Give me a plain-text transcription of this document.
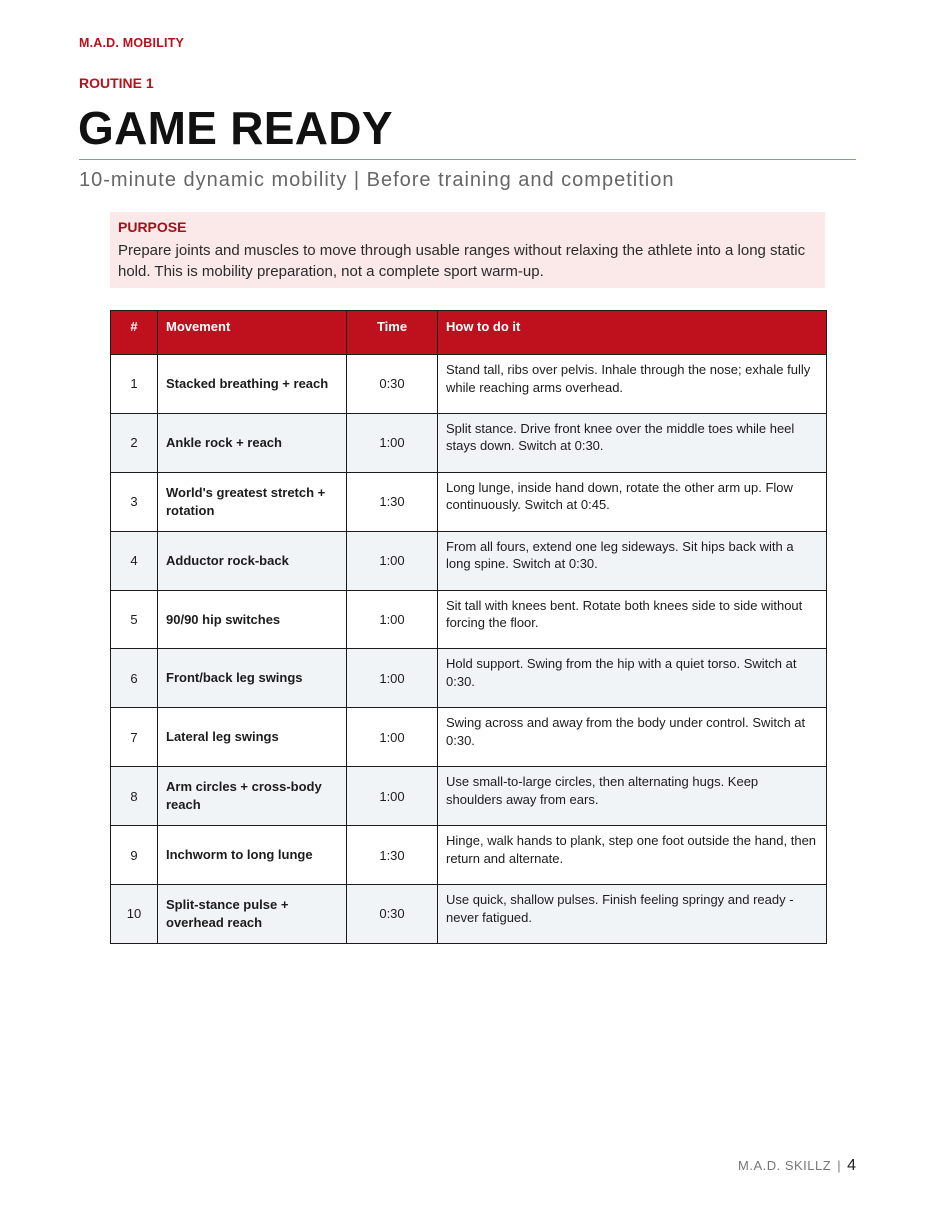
M.A.D. MOBILITY
ROUTINE 1
GAME READY
10-minute dynamic mobility | Before training and competition
PURPOSE
Prepare joints and muscles to move through usable ranges without relaxing the athlete into a long static hold. This is mobility preparation, not a complete sport warm-up.
#	Movement	Time	How to do it
1	Stacked breathing + reach	0:30	Stand tall, ribs over pelvis. Inhale through the nose; exhale fully while reaching arms overhead.
2	Ankle rock + reach	1:00	Split stance. Drive front knee over the middle toes while heel stays down. Switch at 0:30.
3	World's greatest stretch + rotation	1:30	Long lunge, inside hand down, rotate the other arm up. Flow continuously. Switch at 0:45.
4	Adductor rock-back	1:00	From all fours, extend one leg sideways. Sit hips back with a long spine. Switch at 0:30.
5	90/90 hip switches	1:00	Sit tall with knees bent. Rotate both knees side to side without forcing the floor.
6	Front/back leg swings	1:00	Hold support. Swing from the hip with a quiet torso. Switch at 0:30.
7	Lateral leg swings	1:00	Swing across and away from the body under control. Switch at 0:30.
8	Arm circles + cross-body reach	1:00	Use small-to-large circles, then alternating hugs. Keep shoulders away from ears.
9	Inchworm to long lunge	1:30	Hinge, walk hands to plank, step one foot outside the hand, then return and alternate.
10	Split-stance pulse + overhead reach	0:30	Use quick, shallow pulses. Finish feeling springy and ready - never fatigued.
M.A.D. SKILLZ | 4
